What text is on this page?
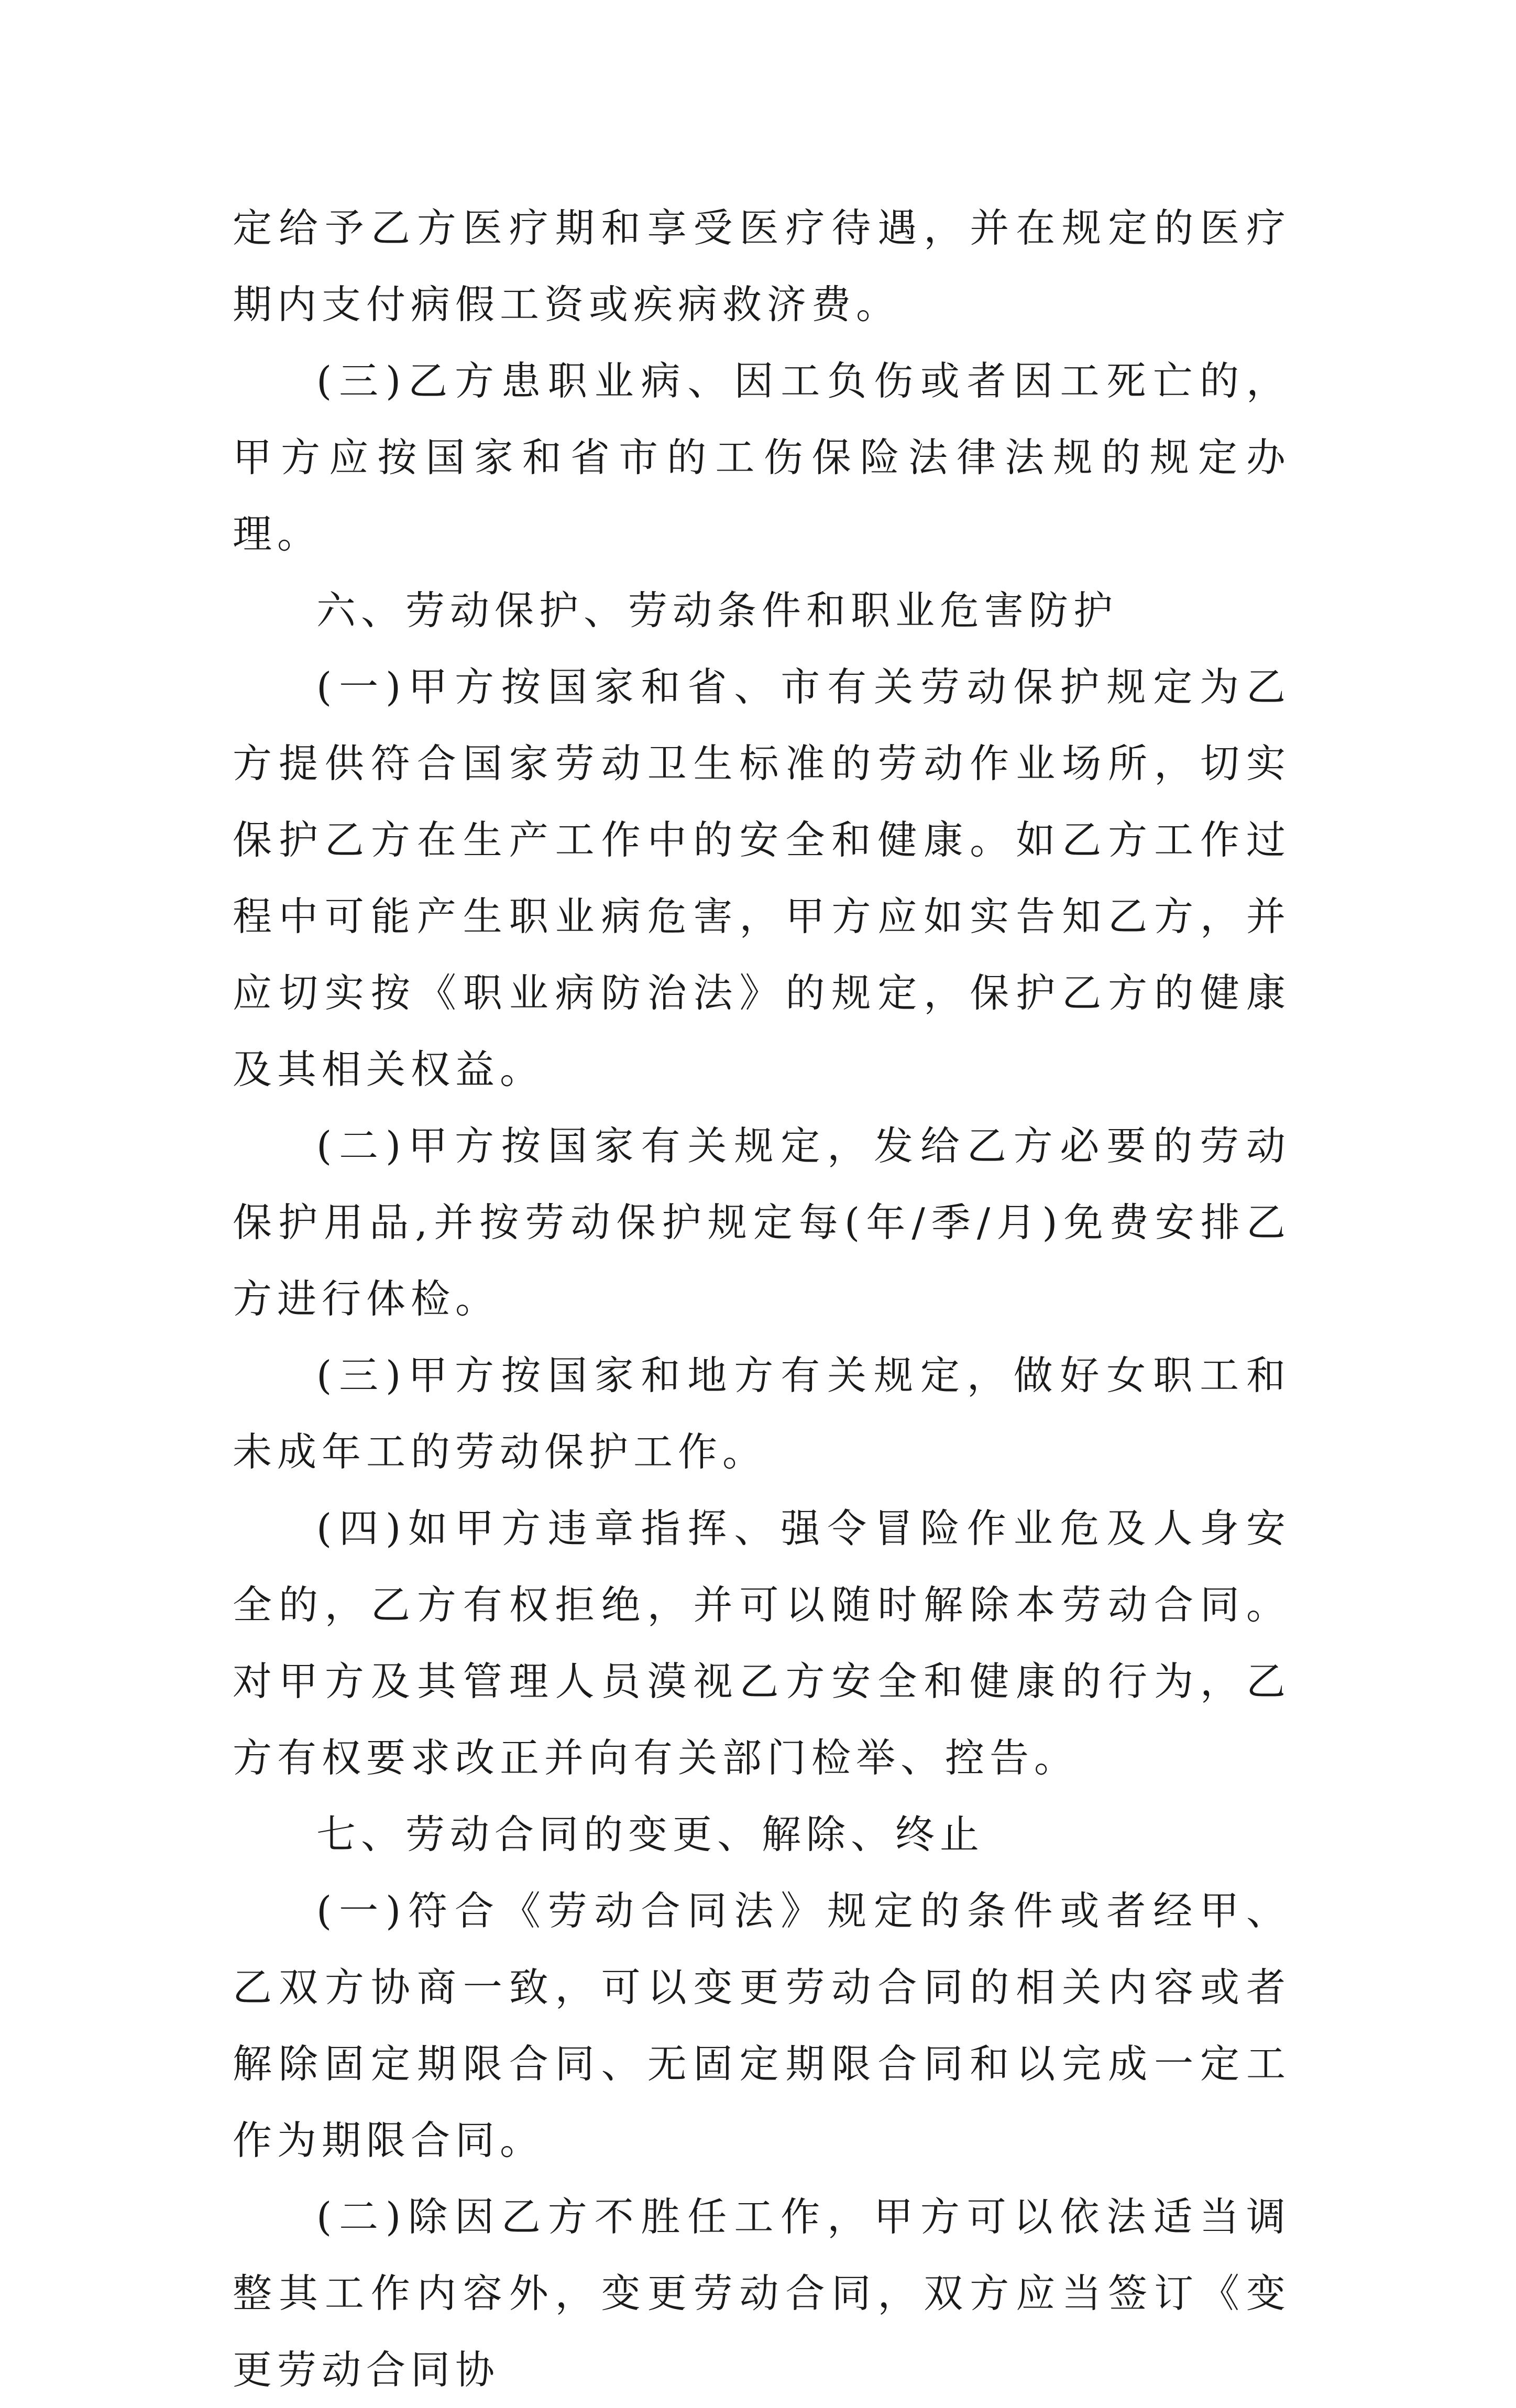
定给予乙方医疗期和享受医疗待遇，并在规定的医疗期内支付病假工资或疾病救济费。

(三)乙方患职业病、因工负伤或者因工死亡的，甲方应按国家和省市的工伤保险法律法规的规定办理。

六、劳动保护、劳动条件和职业危害防护

(一)甲方按国家和省、市有关劳动保护规定为乙方提供符合国家劳动卫生标准的劳动作业场所，切实保护乙方在生产工作中的安全和健康。如乙方工作过程中可能产生职业病危害，甲方应如实告知乙方，并应切实按《职业病防治法》的规定，保护乙方的健康及其相关权益。

(二)甲方按国家有关规定，发给乙方必要的劳动保护用品,并按劳动保护规定每(年/季/月)免费安排乙方进行体检。

(三)甲方按国家和地方有关规定，做好女职工和未成年工的劳动保护工作。

(四)如甲方违章指挥、强令冒险作业危及人身安全的，乙方有权拒绝，并可以随时解除本劳动合同。对甲方及其管理人员漠视乙方安全和健康的行为，乙方有权要求改正并向有关部门检举、控告。

七、劳动合同的变更、解除、终止

(一)符合《劳动合同法》规定的条件或者经甲、乙双方协商一致，可以变更劳动合同的相关内容或者解除固定期限合同、无固定期限合同和以完成一定工作为期限合同。

(二)除因乙方不胜任工作，甲方可以依法适当调整其工作内容外，变更劳动合同，双方应当签订《变更劳动合同协
